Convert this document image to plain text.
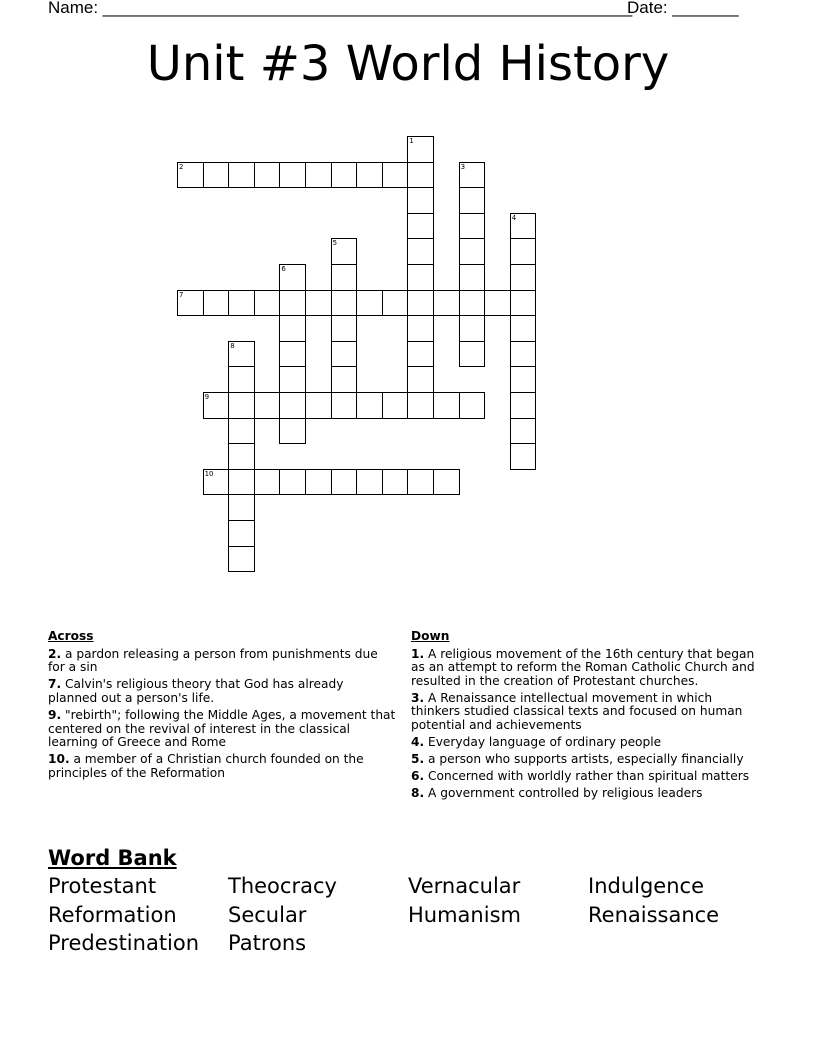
Name: ________________________________________________________
Date: _______
Unit #3 World History
1
2	3
4
5
6
7
8
9
10
Across
2. a pardon releasing a person from punishments due for a sin
7. Calvin's religious theory that God has already planned out a person's life.
9. "rebirth"; following the Middle Ages, a movement that centered on the revival of interest in the classical learning of Greece and Rome
10. a member of a Christian church founded on the principles of the Reformation
Down
1. A religious movement of the 16th century that began as an attempt to reform the Roman Catholic Church and resulted in the creation of Protestant churches.
3. A Renaissance intellectual movement in which thinkers studied classical texts and focused on human potential and achievements
4. Everyday language of ordinary people
5. a person who supports artists, especially financially
6. Concerned with worldly rather than spiritual matters
8. A government controlled by religious leaders
Word Bank
Protestant	Theocracy	Vernacular	Indulgence
Reformation	Secular	Humanism	Renaissance
Predestination	Patrons
